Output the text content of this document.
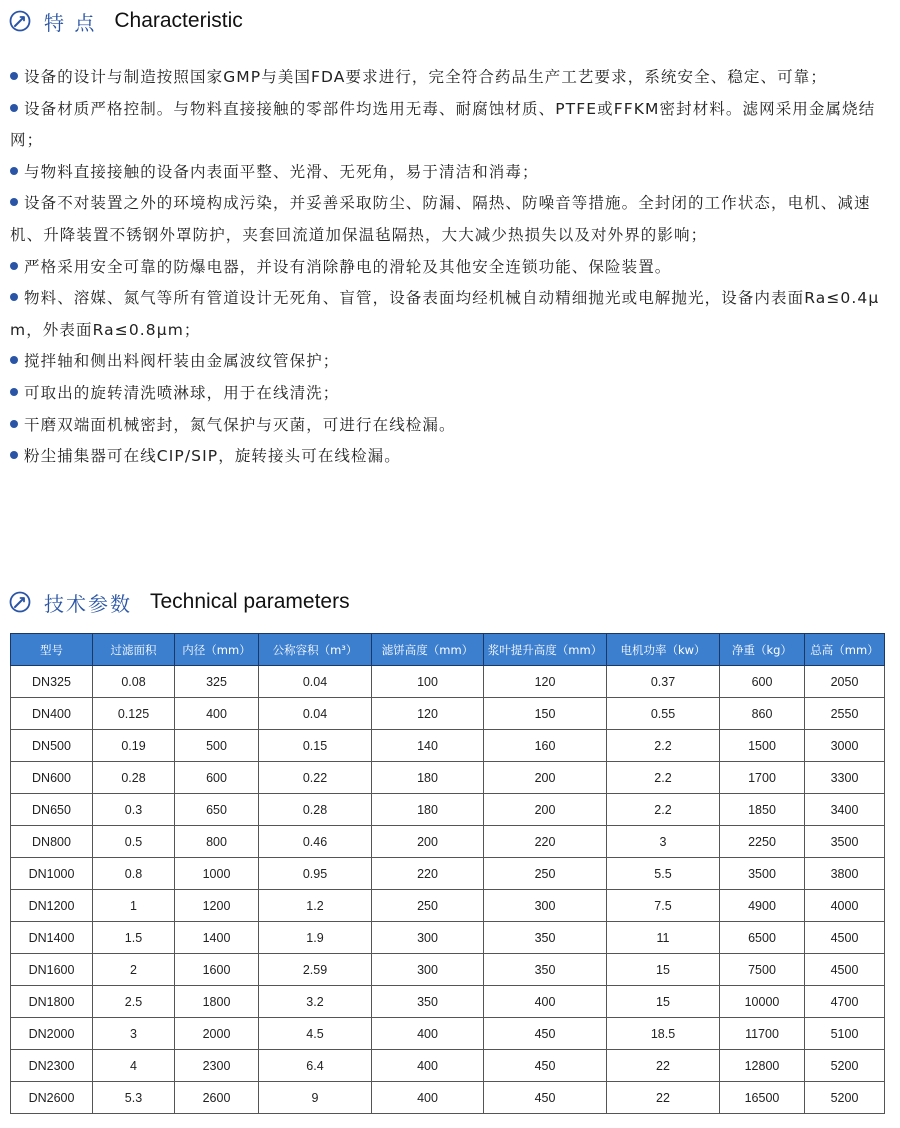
特 点 Characteristic
设备的设计与制造按照国家GMP与美国FDA要求进行，完全符合药品生产工艺要求，系统安全、稳定、可靠；
设备材质严格控制。与物料直接接触的零部件均选用无毒、耐腐蚀材质、PTFE或FFKM密封材料。滤网采用金属烧结网；
与物料直接接触的设备内表面平整、光滑、无死角，易于清洁和消毒；
设备不对装置之外的环境构成污染，并妥善采取防尘、防漏、隔热、防噪音等措施。全封闭的工作状态，电机、减速机、升降装置不锈钢外罩防护，夹套回流道加保温毡隔热，大大减少热损失以及对外界的影响；
严格采用安全可靠的防爆电器，并设有消除静电的滑轮及其他安全连锁功能、保险装置。
物料、溶媒、氮气等所有管道设计无死角、盲管，设备表面均经机械自动精细抛光或电解抛光，设备内表面Ra≤0.4μm，外表面Ra≤0.8μm；
搅拌轴和侧出料阀杆装由金属波纹管保护；
可取出的旋转清洗喷淋球，用于在线清洗；
干磨双端面机械密封，氮气保护与灭菌，可进行在线检漏。
粉尘捕集器可在线CIP/SIP，旋转接头可在线检漏。
技术参数 Technical parameters
型号	过滤面积	内径（mm）	公称容积（m³）	滤饼高度（mm）	浆叶提升高度（mm）	电机功率（kw）	净重（kg）	总高（mm）
DN325	0.08	325	0.04	100	120	0.37	600	2050
DN400	0.125	400	0.04	120	150	0.55	860	2550
DN500	0.19	500	0.15	140	160	2.2	1500	3000
DN600	0.28	600	0.22	180	200	2.2	1700	3300
DN650	0.3	650	0.28	180	200	2.2	1850	3400
DN800	0.5	800	0.46	200	220	3	2250	3500
DN1000	0.8	1000	0.95	220	250	5.5	3500	3800
DN1200	1	1200	1.2	250	300	7.5	4900	4000
DN1400	1.5	1400	1.9	300	350	11	6500	4500
DN1600	2	1600	2.59	300	350	15	7500	4500
DN1800	2.5	1800	3.2	350	400	15	10000	4700
DN2000	3	2000	4.5	400	450	18.5	11700	5100
DN2300	4	2300	6.4	400	450	22	12800	5200
DN2600	5.3	2600	9	400	450	22	16500	5200
